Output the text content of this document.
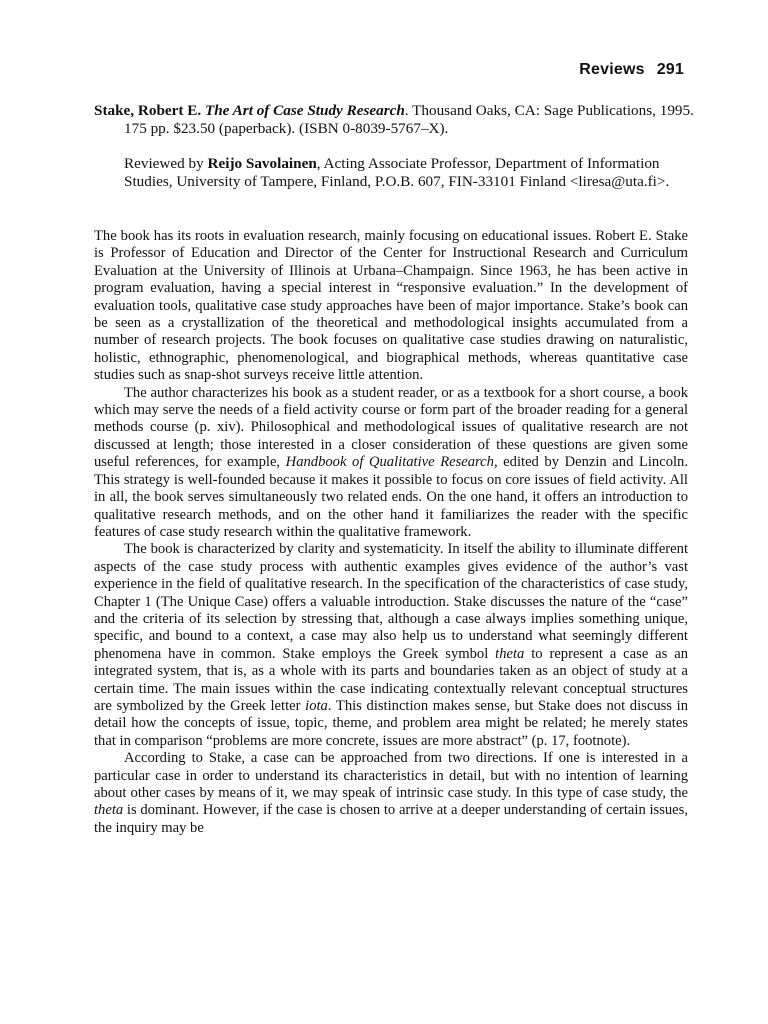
Reviews 291
Stake, Robert E. The Art of Case Study Research. Thousand Oaks, CA: Sage Publications, 1995. 175 pp. $23.50 (paperback). (ISBN 0-8039-5767–X).
Reviewed by Reijo Savolainen, Acting Associate Professor, Department of Information Studies, University of Tampere, Finland, P.O.B. 607, FIN-33101 Finland <liresa@uta.fi>.

The book has its roots in evaluation research, mainly focusing on educational issues. Robert E. Stake is Professor of Education and Director of the Center for Instructional Research and Curriculum Evaluation at the University of Illinois at Urbana–Champaign. Since 1963, he has been active in program evaluation, having a special interest in “responsive evaluation.” In the development of evaluation tools, qualitative case study approaches have been of major importance. Stake’s book can be seen as a crystallization of the theoretical and methodological insights accumulated from a number of research projects. The book focuses on qualitative case studies drawing on naturalistic, holistic, ethnographic, phenomenological, and biographical methods, whereas quantitative case studies such as snap-shot surveys receive little attention.

The author characterizes his book as a student reader, or as a textbook for a short course, a book which may serve the needs of a field activity course or form part of the broader reading for a general methods course (p. xiv). Philosophical and methodological issues of qualitative research are not discussed at length; those interested in a closer consideration of these questions are given some useful references, for example, Handbook of Qualitative Research, edited by Denzin and Lincoln. This strategy is well-founded because it makes it possible to focus on core issues of field activity. All in all, the book serves simultaneously two related ends. On the one hand, it offers an introduction to qualitative research methods, and on the other hand it familiarizes the reader with the specific features of case study research within the qualitative framework.

The book is characterized by clarity and systematicity. In itself the ability to illuminate different aspects of the case study process with authentic examples gives evidence of the author’s vast experience in the field of qualitative research. In the specification of the characteristics of case study, Chapter 1 (The Unique Case) offers a valuable introduction. Stake discusses the nature of the “case” and the criteria of its selection by stressing that, although a case always implies something unique, specific, and bound to a context, a case may also help us to understand what seemingly different phenomena have in common. Stake employs the Greek symbol theta to represent a case as an integrated system, that is, as a whole with its parts and boundaries taken as an object of study at a certain time. The main issues within the case indicating contextually relevant conceptual structures are symbolized by the Greek letter iota. This distinction makes sense, but Stake does not discuss in detail how the concepts of issue, topic, theme, and problem area might be related; he merely states that in comparison “problems are more concrete, issues are more abstract” (p. 17, footnote).

According to Stake, a case can be approached from two directions. If one is interested in a particular case in order to understand its characteristics in detail, but with no intention of learning about other cases by means of it, we may speak of intrinsic case study. In this type of case study, the theta is dominant. However, if the case is chosen to arrive at a deeper understanding of certain issues, the inquiry may be
